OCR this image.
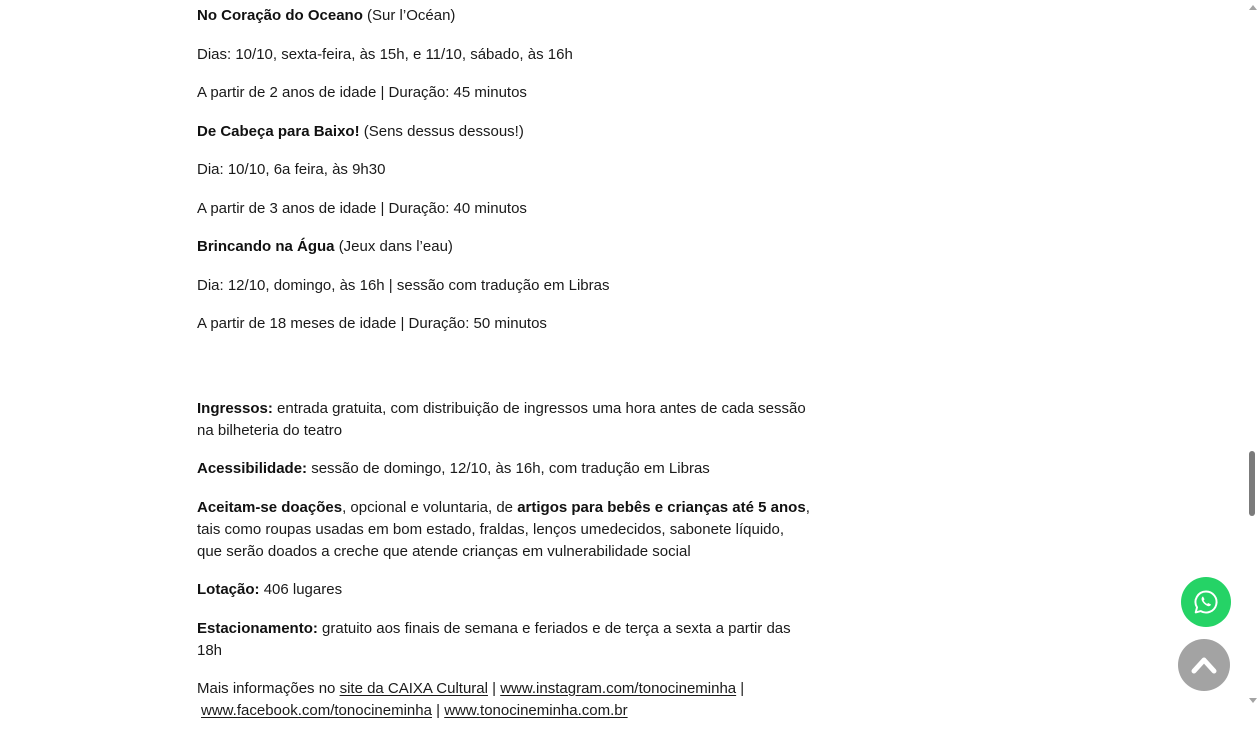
No Coração do Oceano (Sur l’Océan)

Dias: 10/10, sexta-feira, às 15h, e 11/10, sábado, às 16h

A partir de 2 anos de idade | Duração: 45 minutos

De Cabeça para Baixo! (Sens dessus dessous!)

Dia: 10/10, 6a feira, às 9h30

A partir de 3 anos de idade | Duração: 40 minutos

Brincando na Água (Jeux dans l’eau)

Dia: 12/10, domingo, às 16h | sessão com tradução em Libras

A partir de 18 meses de idade | Duração: 50 minutos

Ingressos: entrada gratuita, com distribuição de ingressos uma hora antes de cada sessão na bilheteria do teatro

Acessibilidade: sessão de domingo, 12/10, às 16h, com tradução em Libras

Aceitam-se doações, opcional e voluntaria, de artigos para bebês e crianças até 5 anos, tais como roupas usadas em bom estado, fraldas, lenços umedecidos, sabonete líquido, que serão doados a creche que atende crianças em vulnerabilidade social

Lotação: 406 lugares

Estacionamento: gratuito aos finais de semana e feriados e de terça a sexta a partir das 18h

Mais informações no site da CAIXA Cultural | www.instagram.com/tonocineminha |
www.facebook.com/tonocineminha | www.tonocineminha.com.br
